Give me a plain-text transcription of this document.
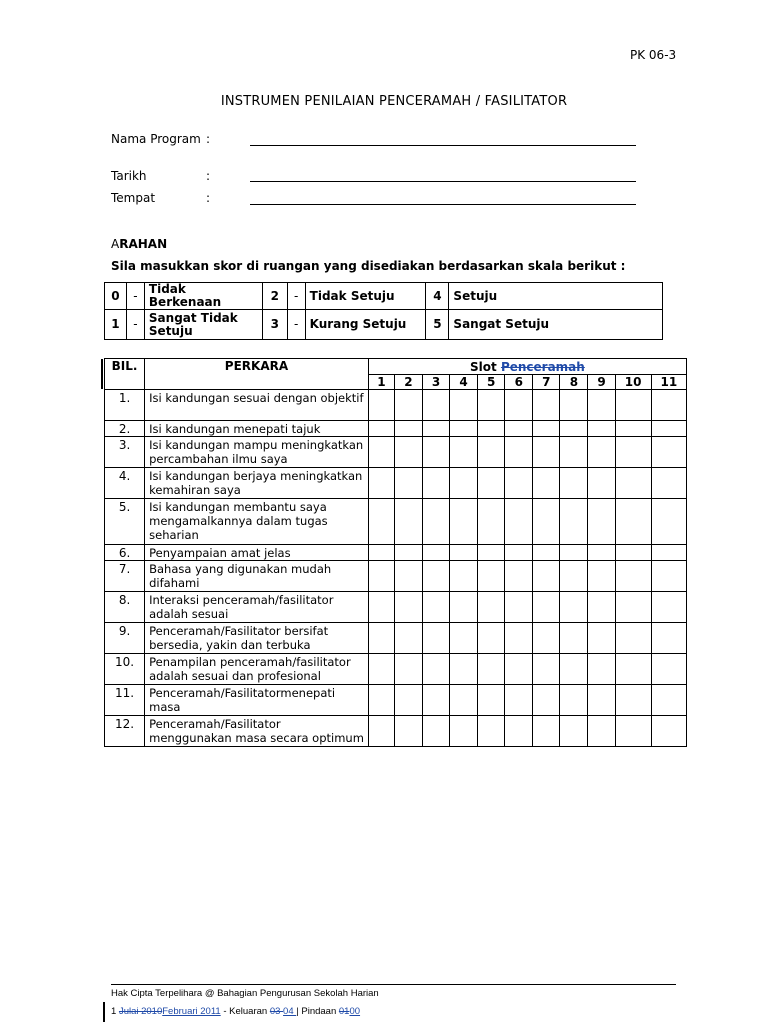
PK 06-3
INSTRUMEN PENILAIAN PENCERAMAH / FASILITATOR
Nama Program :
Tarikh	:
Tempat	:
ARAHAN
Sila masukkan skor di ruangan yang disediakan berdasarkan skala berikut :
0	-	Tidak Berkenaan	2	-	Tidak Setuju	4	Setuju
1	-	Sangat Tidak Setuju	3	-	Kurang Setuju	5	Sangat Setuju
BIL.	PERKARA	Slot Penceramah										
		1	2	3	4	5	6	7	8	9	10	11
1.	Isi kandungan sesuai dengan objektif											
2.	Isi kandungan menepati tajuk											
3.	Isi kandungan mampu meningkatkan percambahan ilmu saya											
4.	Isi kandungan berjaya meningkatkan kemahiran saya											
5.	Isi kandungan membantu saya mengamalkannya dalam tugas seharian											
6.	Penyampaian amat jelas											
7.	Bahasa yang digunakan mudah difahami											
8.	Interaksi penceramah/fasilitator adalah sesuai											
9.	Penceramah/Fasilitator bersifat bersedia, yakin dan terbuka											
10.	Penampilan penceramah/fasilitator adalah sesuai dan profesional											
11.	Penceramah/Fasilitatormenepati masa											
12.	Penceramah/Fasilitator menggunakan masa secara optimum											
Hak Cipta Terpelihara @ Bahagian Pengurusan Sekolah Harian
1 Julai 2010Februari 2011 - Keluaran 03 04 | Pindaan 0100
